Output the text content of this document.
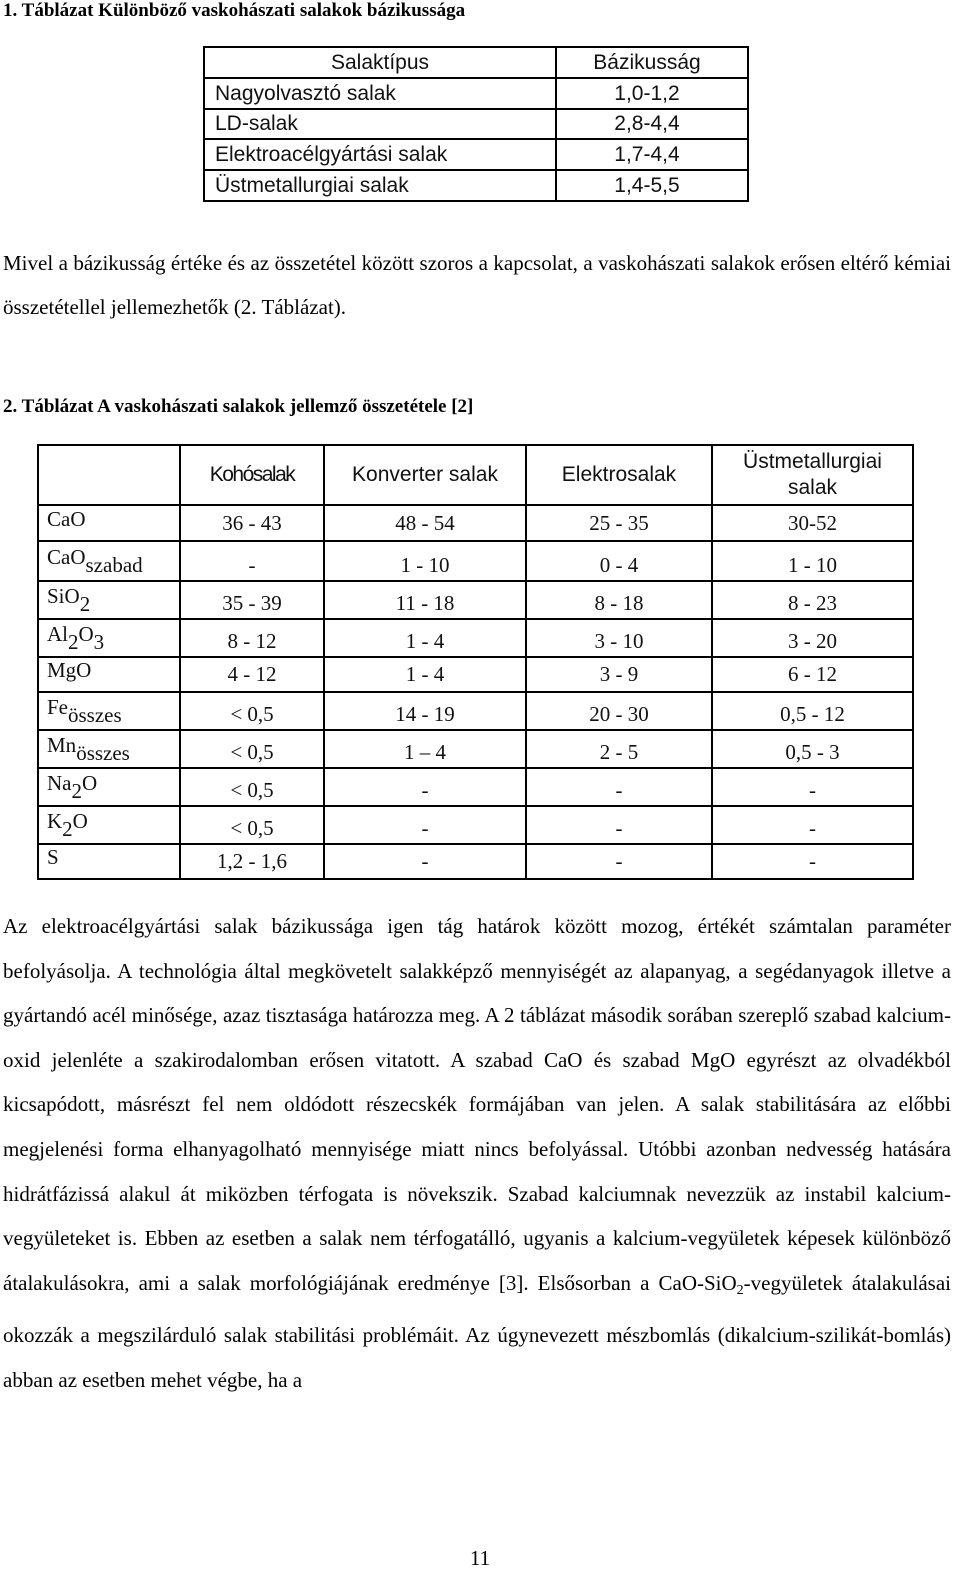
1. Táblázat Különböző vaskohászati salakok bázikussága
Salaktípus	Bázikusság
Nagyolvasztó salak	1,0-1,2
LD-salak	2,8-4,4
Elektroacélgyártási salak	1,7-4,4
Üstmetallurgiai salak	1,4-5,5
Mivel a bázikusság értéke és az összetétel között szoros a kapcsolat, a vaskohászati salakok erősen eltérő kémiai összetétellel jellemezhetők (2. Táblázat).
2. Táblázat A vaskohászati salakok jellemző összetétele [2]
	Kohósalak	Konverter salak	Elektrosalak	Üstmetallurgiai salak
CaO	36 - 43	48 - 54	25 - 35	30-52
CaO$_{szabad}$	-	1 - 10	0 - 4	1 - 10
SiO$_2$	35 - 39	11 - 18	8 - 18	8 - 23
$Al_2O_3$	8 - 12	1 - 4	3 - 10	3 - 20
MgO	4 - 12	1 - 4	3 - 9	6 - 12
$Fe_{összes}$	< 0,5	14 - 19	20 - 30	0,5 - 12
$Mn_{összes}$	< 0,5	1 – 4	2 - 5	0,5 - 3
$Na_2O$	< 0,5	-	-	-
$K_2O$	< 0,5	-	-	-
S	1,2 - 1,6	-	-	-
Az elektroacélgyártási salak bázikussága igen tág határok között mozog, értékét számtalan paraméter befolyásolja. A technológia által megkövetelt salakképző mennyiségét az alapanyag, a segédanyagok illetve a gyártandó acél minősége, azaz tisztasága határozza meg. A 2 táblázat második sorában szereplő szabad kalcium-oxid jelenléte a szakirodalomban erősen vitatott. A szabad CaO és szabad MgO egyrészt az olvadékból kicsapódott, másrészt fel nem oldódott részecskék formájában van jelen. A salak stabilitására az előbbi megjelenési forma elhanyagolható mennyisége miatt nincs befolyással. Utóbbi azonban nedvesség hatására hidrátfázissá alakul át miközben térfogata is növekszik. Szabad kalciumnak nevezzük az instabil kalcium-vegyületeket is. Ebben az esetben a salak nem térfogatálló, ugyanis a kalcium-vegyületek képesek különböző átalakulásokra, ami a salak morfológiájának eredménye [3]. Elsősorban a CaO-SiO$_2$-vegyületek átalakulásai okozzák a megszilárduló salak stabilitási problémáit. Az úgynevezett mészbomlás (dikalcium-szilikát-bomlás) abban az esetben mehet végbe, ha a
11
